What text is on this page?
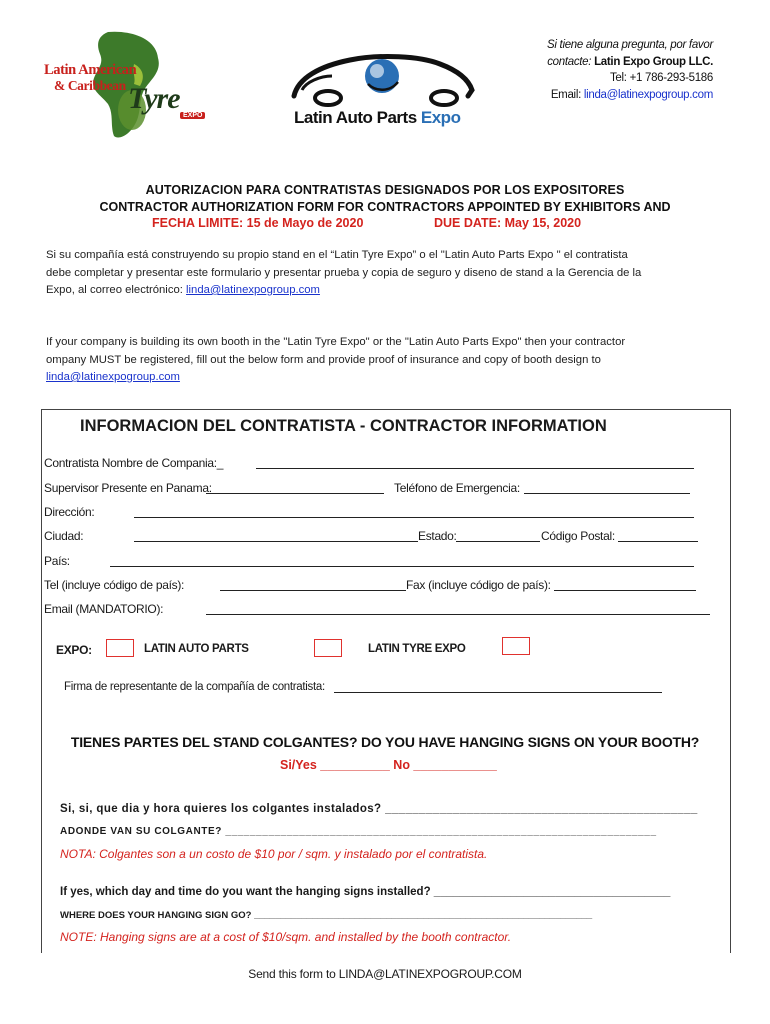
Latin American
& Caribbean Tyre
EXPO	Latin Auto Parts Expo
Si tiene alguna pregunta, por favor
contacte: Latin Expo Group LLC.
Tel: +1 786-293-5186
Email: linda@latinexpogroup.com
AUTORIZACION PARA CONTRATISTAS DESIGNADOS POR LOS EXPOSITORES
CONTRACTOR AUTHORIZATION FORM FOR CONTRACTORS APPOINTED BY EXHIBITORS AND
FECHA LIMITE: 15 de Mayo de 2020	DUE DATE: May 15, 2020
Si su compañía está construyendo su propio stand en el “Latin Tyre Expo” o el "Latin Auto Parts Expo " el contratista
debe completar y presentar este formulario y presentar prueba y copia de seguro y diseno de stand a la Gerencia de la
Expo, al correo electrónico: linda@latinexpogroup.com
If your company is building its own booth in the "Latin Tyre Expo" or the "Latin Auto Parts Expo" then your contractor
ompany MUST be registered, fill out the below form and provide proof of insurance and copy of booth design to
linda@latinexpogroup.com
INFORMACION DEL CONTRATISTA - CONTRACTOR INFORMATION
Contratista Nombre de Compania:_
Supervisor Presente en Panama:	Teléfono de Emergencia:
Dirección:
Ciudad:	Estado:	Código Postal:
País:
Tel (incluye código de país):	Fax (incluye código de país):
Email (MANDATORIO):
EXPO:	LATIN AUTO PARTS	LATIN TYRE EXPO
Firma de representante de la compañía de contratista:
TIENES PARTES DEL STAND COLGANTES? DO YOU HAVE HANGING SIGNS ON YOUR BOOTH?
Si/Yes __________ No ____________
Si, si, que dia y hora quieres los colgantes instalados? ______________________________________________
ADONDE VAN SU COLGANTE? ______________________________________________________________________
NOTA: Colgantes son a un costo de $10 por / sqm. y instalado por el contratista.
If yes, which day and time do you want the hanging signs installed? _____________________________________
WHERE DOES YOUR HANGING SIGN GO? ________________________________________________________________
NOTE: Hanging signs are at a cost of $10/sqm. and installed by the booth contractor.
Send this form to LINDA@LATINEXPOGROUP.COM
